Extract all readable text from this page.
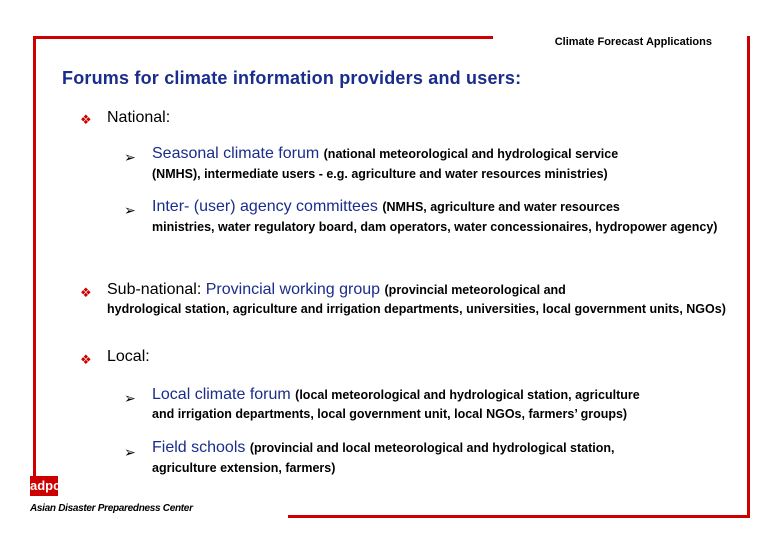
Climate Forecast Applications
Forums for climate information providers and users:
❖ National:
➢ Seasonal climate forum (national meteorological and hydrological service
(NMHS), intermediate users - e.g. agriculture and water resources ministries)
➢ Inter- (user) agency committees (NMHS, agriculture and water resources
ministries, water regulatory board, dam operators, water concessionaires, hydropower agency)
❖ Sub-national: Provincial working group (provincial meteorological and
hydrological station, agriculture and irrigation departments, universities, local government units, NGOs)
❖ Local:
➢ Local climate forum (local meteorological and hydrological station, agriculture
and irrigation departments, local government unit, local NGOs, farmers’ groups)
➢ Field schools (provincial and local meteorological and hydrological station,
agriculture extension, farmers)
adpc
Asian Disaster Preparedness Center
